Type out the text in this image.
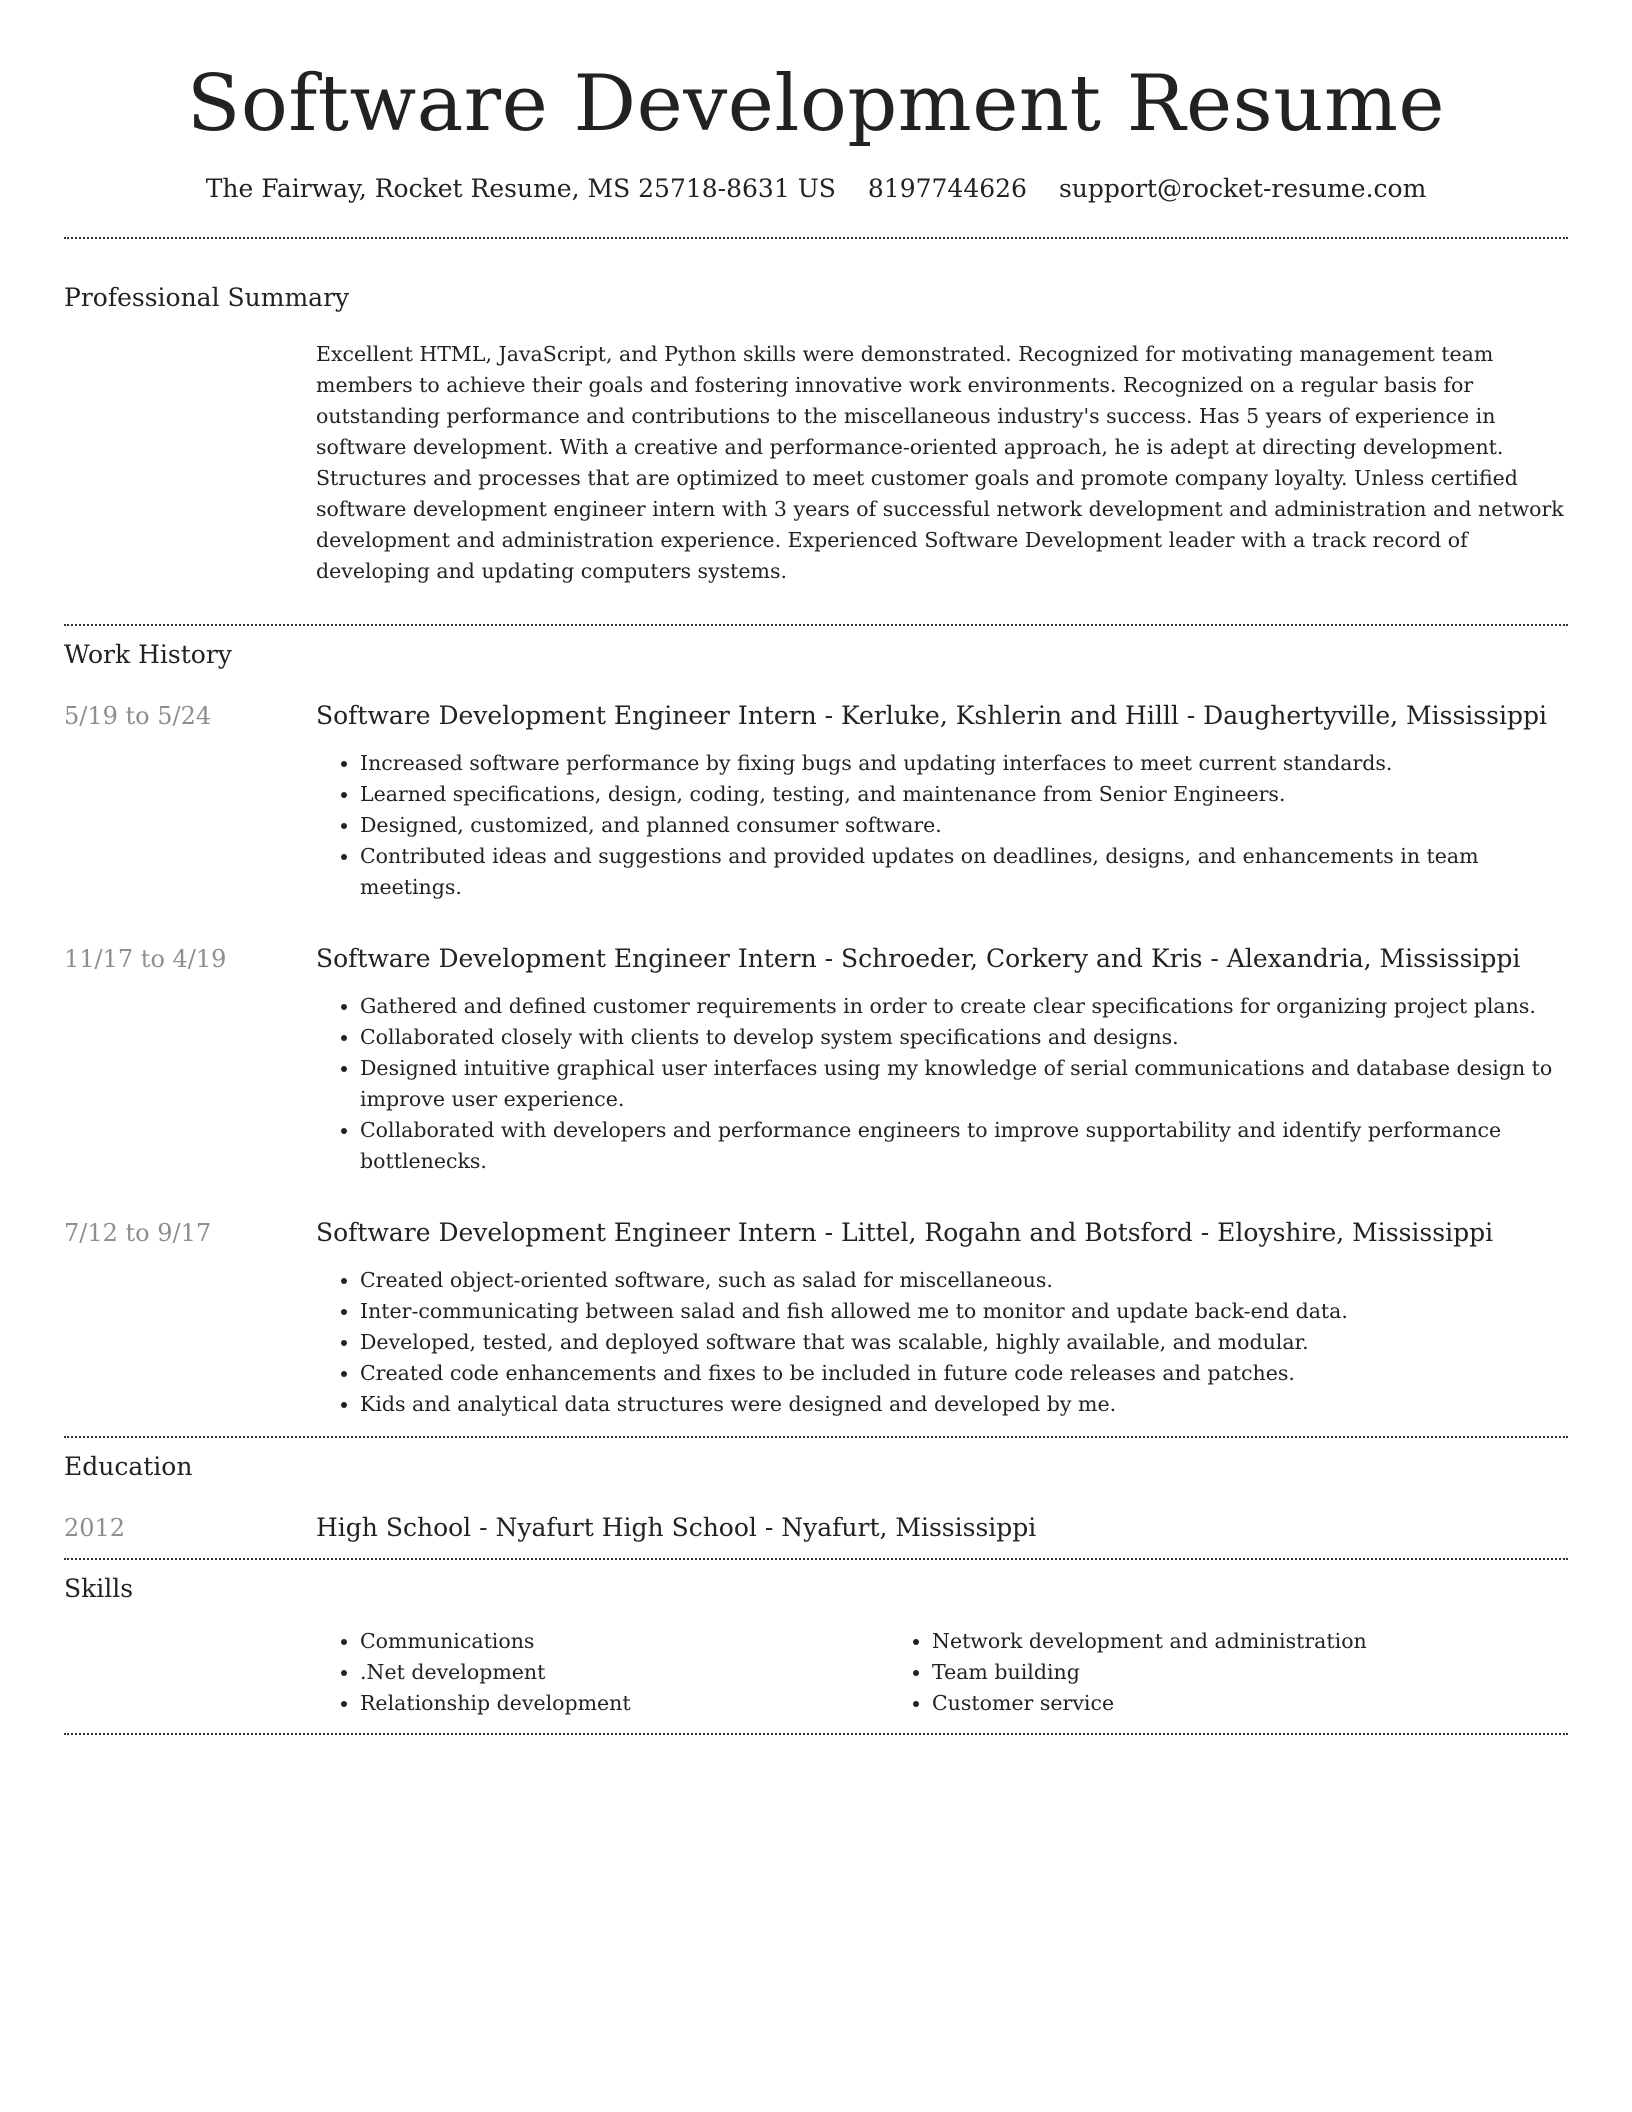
Software Development Resume
The Fairway, Rocket Resume, MS 25718-8631 US 8197744626 support@rocket-resume.com
Professional Summary

Excellent HTML, JavaScript, and Python skills were demonstrated. Recognized for motivating management team members to achieve their goals and fostering innovative work environments. Recognized on a regular basis for outstanding performance and contributions to the miscellaneous industry's success. Has 5 years of experience in software development. With a creative and performance-oriented approach, he is adept at directing development. Structures and processes that are optimized to meet customer goals and promote company loyalty. Unless certified software development engineer intern with 3 years of successful network development and administration and network development and administration experience. Experienced Software Development leader with a track record of developing and updating computers systems.

Work History
5/19 to 5/24	Software Development Engineer Intern - Kerluke, Kshlerin and Hilll - Daughertyville, Mississippi
• Increased software performance by fixing bugs and updating interfaces to meet current standards.
• Learned specifications, design, coding, testing, and maintenance from Senior Engineers.
• Designed, customized, and planned consumer software.
• Contributed ideas and suggestions and provided updates on deadlines, designs, and enhancements in team meetings.
11/17 to 4/19	Software Development Engineer Intern - Schroeder, Corkery and Kris - Alexandria, Mississippi
• Gathered and defined customer requirements in order to create clear specifications for organizing project plans.
• Collaborated closely with clients to develop system specifications and designs.
• Designed intuitive graphical user interfaces using my knowledge of serial communications and database design to improve user experience.
• Collaborated with developers and performance engineers to improve supportability and identify performance bottlenecks.
7/12 to 9/17	Software Development Engineer Intern - Littel, Rogahn and Botsford - Eloyshire, Mississippi
• Created object-oriented software, such as salad for miscellaneous.
• Inter-communicating between salad and fish allowed me to monitor and update back-end data.
• Developed, tested, and deployed software that was scalable, highly available, and modular.
• Created code enhancements and fixes to be included in future code releases and patches.
• Kids and analytical data structures were designed and developed by me.
Education
2012	High School - Nyafurt High School - Nyafurt, Mississippi
Skills
• Communications
• .Net development
• Relationship development
• Network development and administration
• Team building
• Customer service
